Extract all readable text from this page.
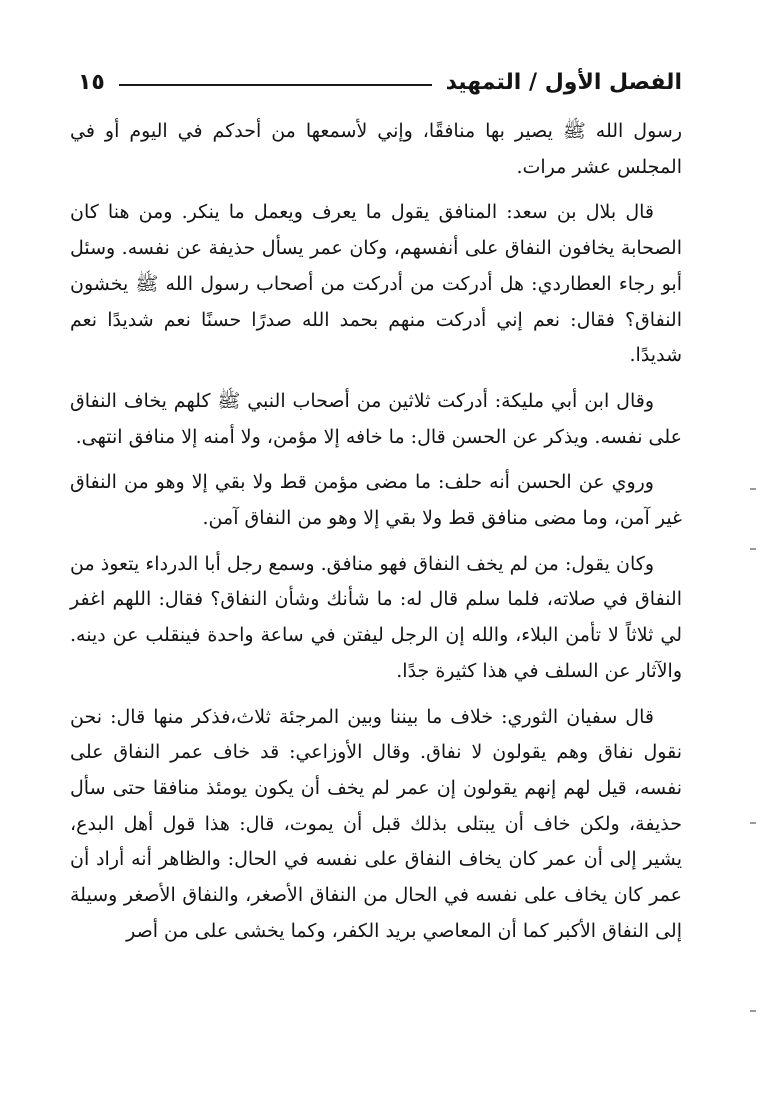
١٥	الفصل الأول / التمهيد

رسول الله ﷺ يصير بها منافقًا، وإني لأسمعها من أحدكم في اليوم أو في المجلس عشر مرات.

قال بلال بن سعد: المنافق يقول ما يعرف ويعمل ما ينكر. ومن هنا كان الصحابة يخافون النفاق على أنفسهم، وكان عمر يسأل حذيفة عن نفسه. وسئل أبو رجاء العطاردي: هل أدركت من أدركت من أصحاب رسول الله ﷺ يخشون النفاق؟ فقال: نعم إني أدركت منهم بحمد الله صدرًا حسنًا نعم شديدًا نعم شديدًا.

وقال ابن أبي مليكة: أدركت ثلاثين من أصحاب النبي ﷺ كلهم يخاف النفاق على نفسه. ويذكر عن الحسن قال: ما خافه إلا مؤمن، ولا أمنه إلا منافق انتهى.

وروي عن الحسن أنه حلف: ما مضى مؤمن قط ولا بقي إلا وهو من النفاق غير آمن، وما مضى منافق قط ولا بقي إلا وهو من النفاق آمن.

وكان يقول: من لم يخف النفاق فهو منافق. وسمع رجل أبا الدرداء يتعوذ من النفاق في صلاته، فلما سلم قال له: ما شأنك وشأن النفاق؟ فقال: اللهم اغفر لي ثلاثاً لا تأمن البلاء، والله إن الرجل ليفتن في ساعة واحدة فينقلب عن دينه. والآثار عن السلف في هذا كثيرة جدًا.

قال سفيان الثوري: خلاف ما بيننا وبين المرجئة ثلاث،فذكر منها قال: نحن نقول نفاق وهم يقولون لا نفاق. وقال الأوزاعي: قد خاف عمر النفاق على نفسه، قيل لهم إنهم يقولون إن عمر لم يخف أن يكون يومئذ منافقا حتى سأل حذيفة، ولكن خاف أن يبتلى بذلك قبل أن يموت، قال: هذا قول أهل البدع، يشير إلى أن عمر كان يخاف النفاق على نفسه في الحال: والظاهر أنه أراد أن عمر كان يخاف على نفسه في الحال من النفاق الأصغر، والنفاق الأصغر وسيلة إلى النفاق الأكبر كما أن المعاصي بريد الكفر، وكما يخشى على من أصر
